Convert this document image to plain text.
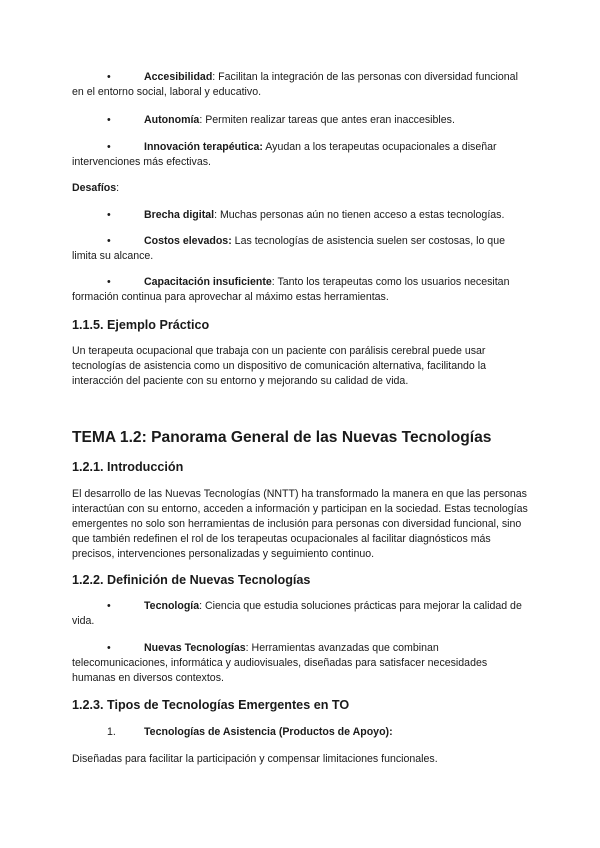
•	Accesibilidad: Facilitan la integración de las personas con diversidad funcional en el entorno social, laboral y educativo.

•	Autonomía: Permiten realizar tareas que antes eran inaccesibles.

•	Innovación terapéutica: Ayudan a los terapeutas ocupacionales a diseñar intervenciones más efectivas.

Desafíos:

•	Brecha digital: Muchas personas aún no tienen acceso a estas tecnologías.

•	Costos elevados: Las tecnologías de asistencia suelen ser costosas, lo que limita su alcance.

•	Capacitación insuficiente: Tanto los terapeutas como los usuarios necesitan formación continua para aprovechar al máximo estas herramientas.

1.1.5. Ejemplo Práctico

Un terapeuta ocupacional que trabaja con un paciente con parálisis cerebral puede usar tecnologías de asistencia como un dispositivo de comunicación alternativa, facilitando la interacción del paciente con su entorno y mejorando su calidad de vida.

TEMA 1.2: Panorama General de las Nuevas Tecnologías
1.2.1. Introducción

El desarrollo de las Nuevas Tecnologías (NNTT) ha transformado la manera en que las personas interactúan con su entorno, acceden a información y participan en la sociedad. Estas tecnologías emergentes no solo son herramientas de inclusión para personas con diversidad funcional, sino que también redefinen el rol de los terapeutas ocupacionales al facilitar diagnósticos más precisos, intervenciones personalizadas y seguimiento continuo.

1.2.2. Definición de Nuevas Tecnologías

•	Tecnología: Ciencia que estudia soluciones prácticas para mejorar la calidad de vida.

•	Nuevas Tecnologías: Herramientas avanzadas que combinan telecomunicaciones, informática y audiovisuales, diseñadas para satisfacer necesidades humanas en diversos contextos.

1.2.3. Tipos de Tecnologías Emergentes en TO

1.	Tecnologías de Asistencia (Productos de Apoyo):

Diseñadas para facilitar la participación y compensar limitaciones funcionales.
